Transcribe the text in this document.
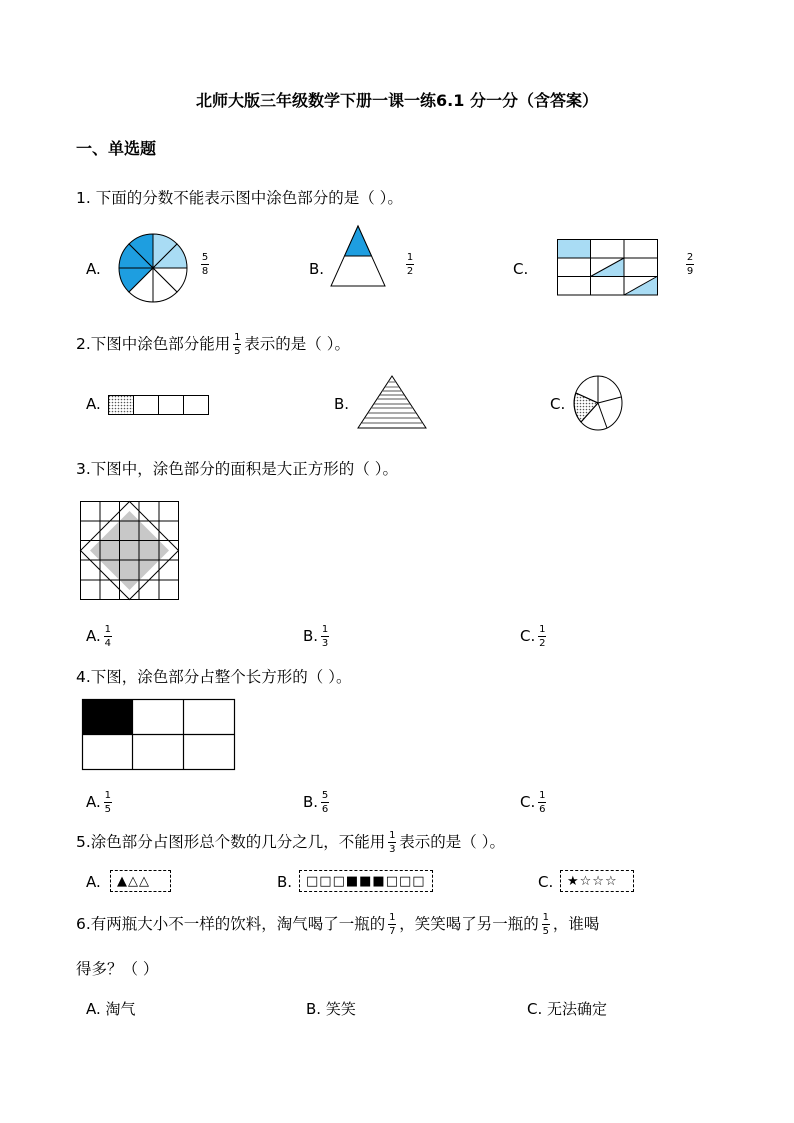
北师大版三年级数学下册一课一练6.1 分一分（含答案）
一、单选题
1. 下面的分数不能表示图中涂色部分的是（ ）。
A.
5
8	B.
1
2	C.
2
9
2.下图中涂色部分能用 $\frac{1}{5}$ 表示的是（ ）。
A.	B.	C.
3.下图中，涂色部分的面积是大正方形的（ ）。
A. $\frac{1}{4}$	B. $\frac{1}{3}$	C. $\frac{1}{2}$
4.下图，涂色部分占整个长方形的（ ）。
A. $\frac{1}{5}$	B. $\frac{5}{6}$	C. $\frac{1}{6}$
5.涂色部分占图形总个数的几分之几，不能用 $\frac{1}{3}$ 表示的是（ ）。
A.	▲△△	B.	□□□■■■□□□	C.	★☆☆☆
6.有两瓶大小不一样的饮料，淘气喝了一瓶的 $\frac{1}{7}$ ，笑笑喝了另一瓶的 $\frac{1}{5}$ ，谁喝
得多？（ ）
A. 淘气	B. 笑笑	C. 无法确定
